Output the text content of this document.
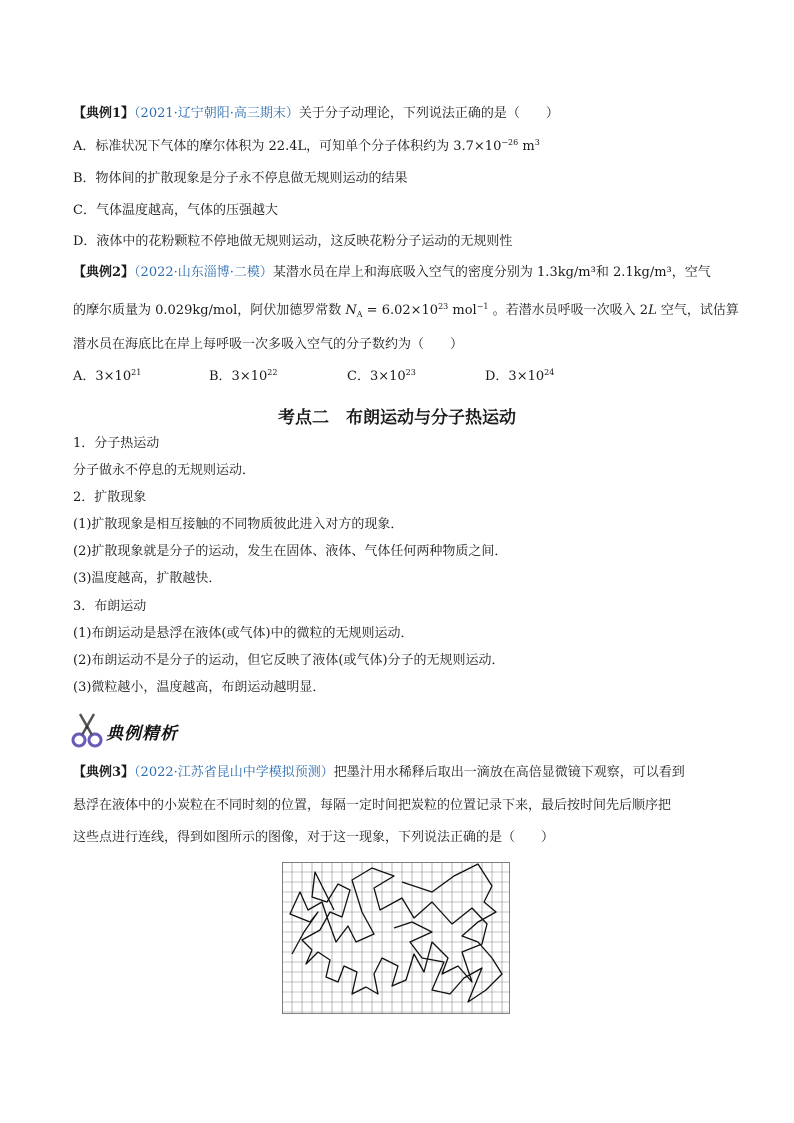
【典例1】（2021·辽宁朝阳·高三期末）关于分子动理论，下列说法正确的是（　　）
A．标准状况下气体的摩尔体积为 22.4L，可知单个分子体积约为 $3.7\times 10^{-26}$ $m^3$
B．物体间的扩散现象是分子永不停息做无规则运动的结果
C．气体温度越高，气体的压强越大
D．液体中的花粉颗粒不停地做无规则运动，这反映花粉分子运动的无规则性
【典例2】（2022·山东淄博·二模）某潜水员在岸上和海底吸入空气的密度分别为 1.3kg/m³和 2.1kg/m³，空气
的摩尔质量为 0.029kg/mol，阿伏加德罗常数 $N_A = 6.02\times 10^{23}$ mol$^{-1}$ 。若潜水员呼吸一次吸入 2L 空气，试估算
潜水员在海底比在岸上每呼吸一次多吸入空气的分子数约为（　　）
A．$3\times 10^{21}$	B．$3\times 10^{22}$	C．$3\times 10^{23}$	D．$3\times 10^{24}$
考点二　布朗运动与分子热运动
1．分子热运动
分子做永不停息的无规则运动．
2．扩散现象
(1)扩散现象是相互接触的不同物质彼此进入对方的现象．
(2)扩散现象就是分子的运动，发生在固体、液体、气体任何两种物质之间．
(3)温度越高，扩散越快．
3．布朗运动
(1)布朗运动是悬浮在液体(或气体)中的微粒的无规则运动．
(2)布朗运动不是分子的运动，但它反映了液体(或气体)分子的无规则运动．
(3)微粒越小，温度越高，布朗运动越明显．
典例精析
【典例3】（2022·江苏省昆山中学模拟预测）把墨汁用水稀释后取出一滴放在高倍显微镜下观察，可以看到
悬浮在液体中的小炭粒在不同时刻的位置，每隔一定时间把炭粒的位置记录下来，最后按时间先后顺序把
这些点进行连线，得到如图所示的图像，对于这一现象，下列说法正确的是（　　）
